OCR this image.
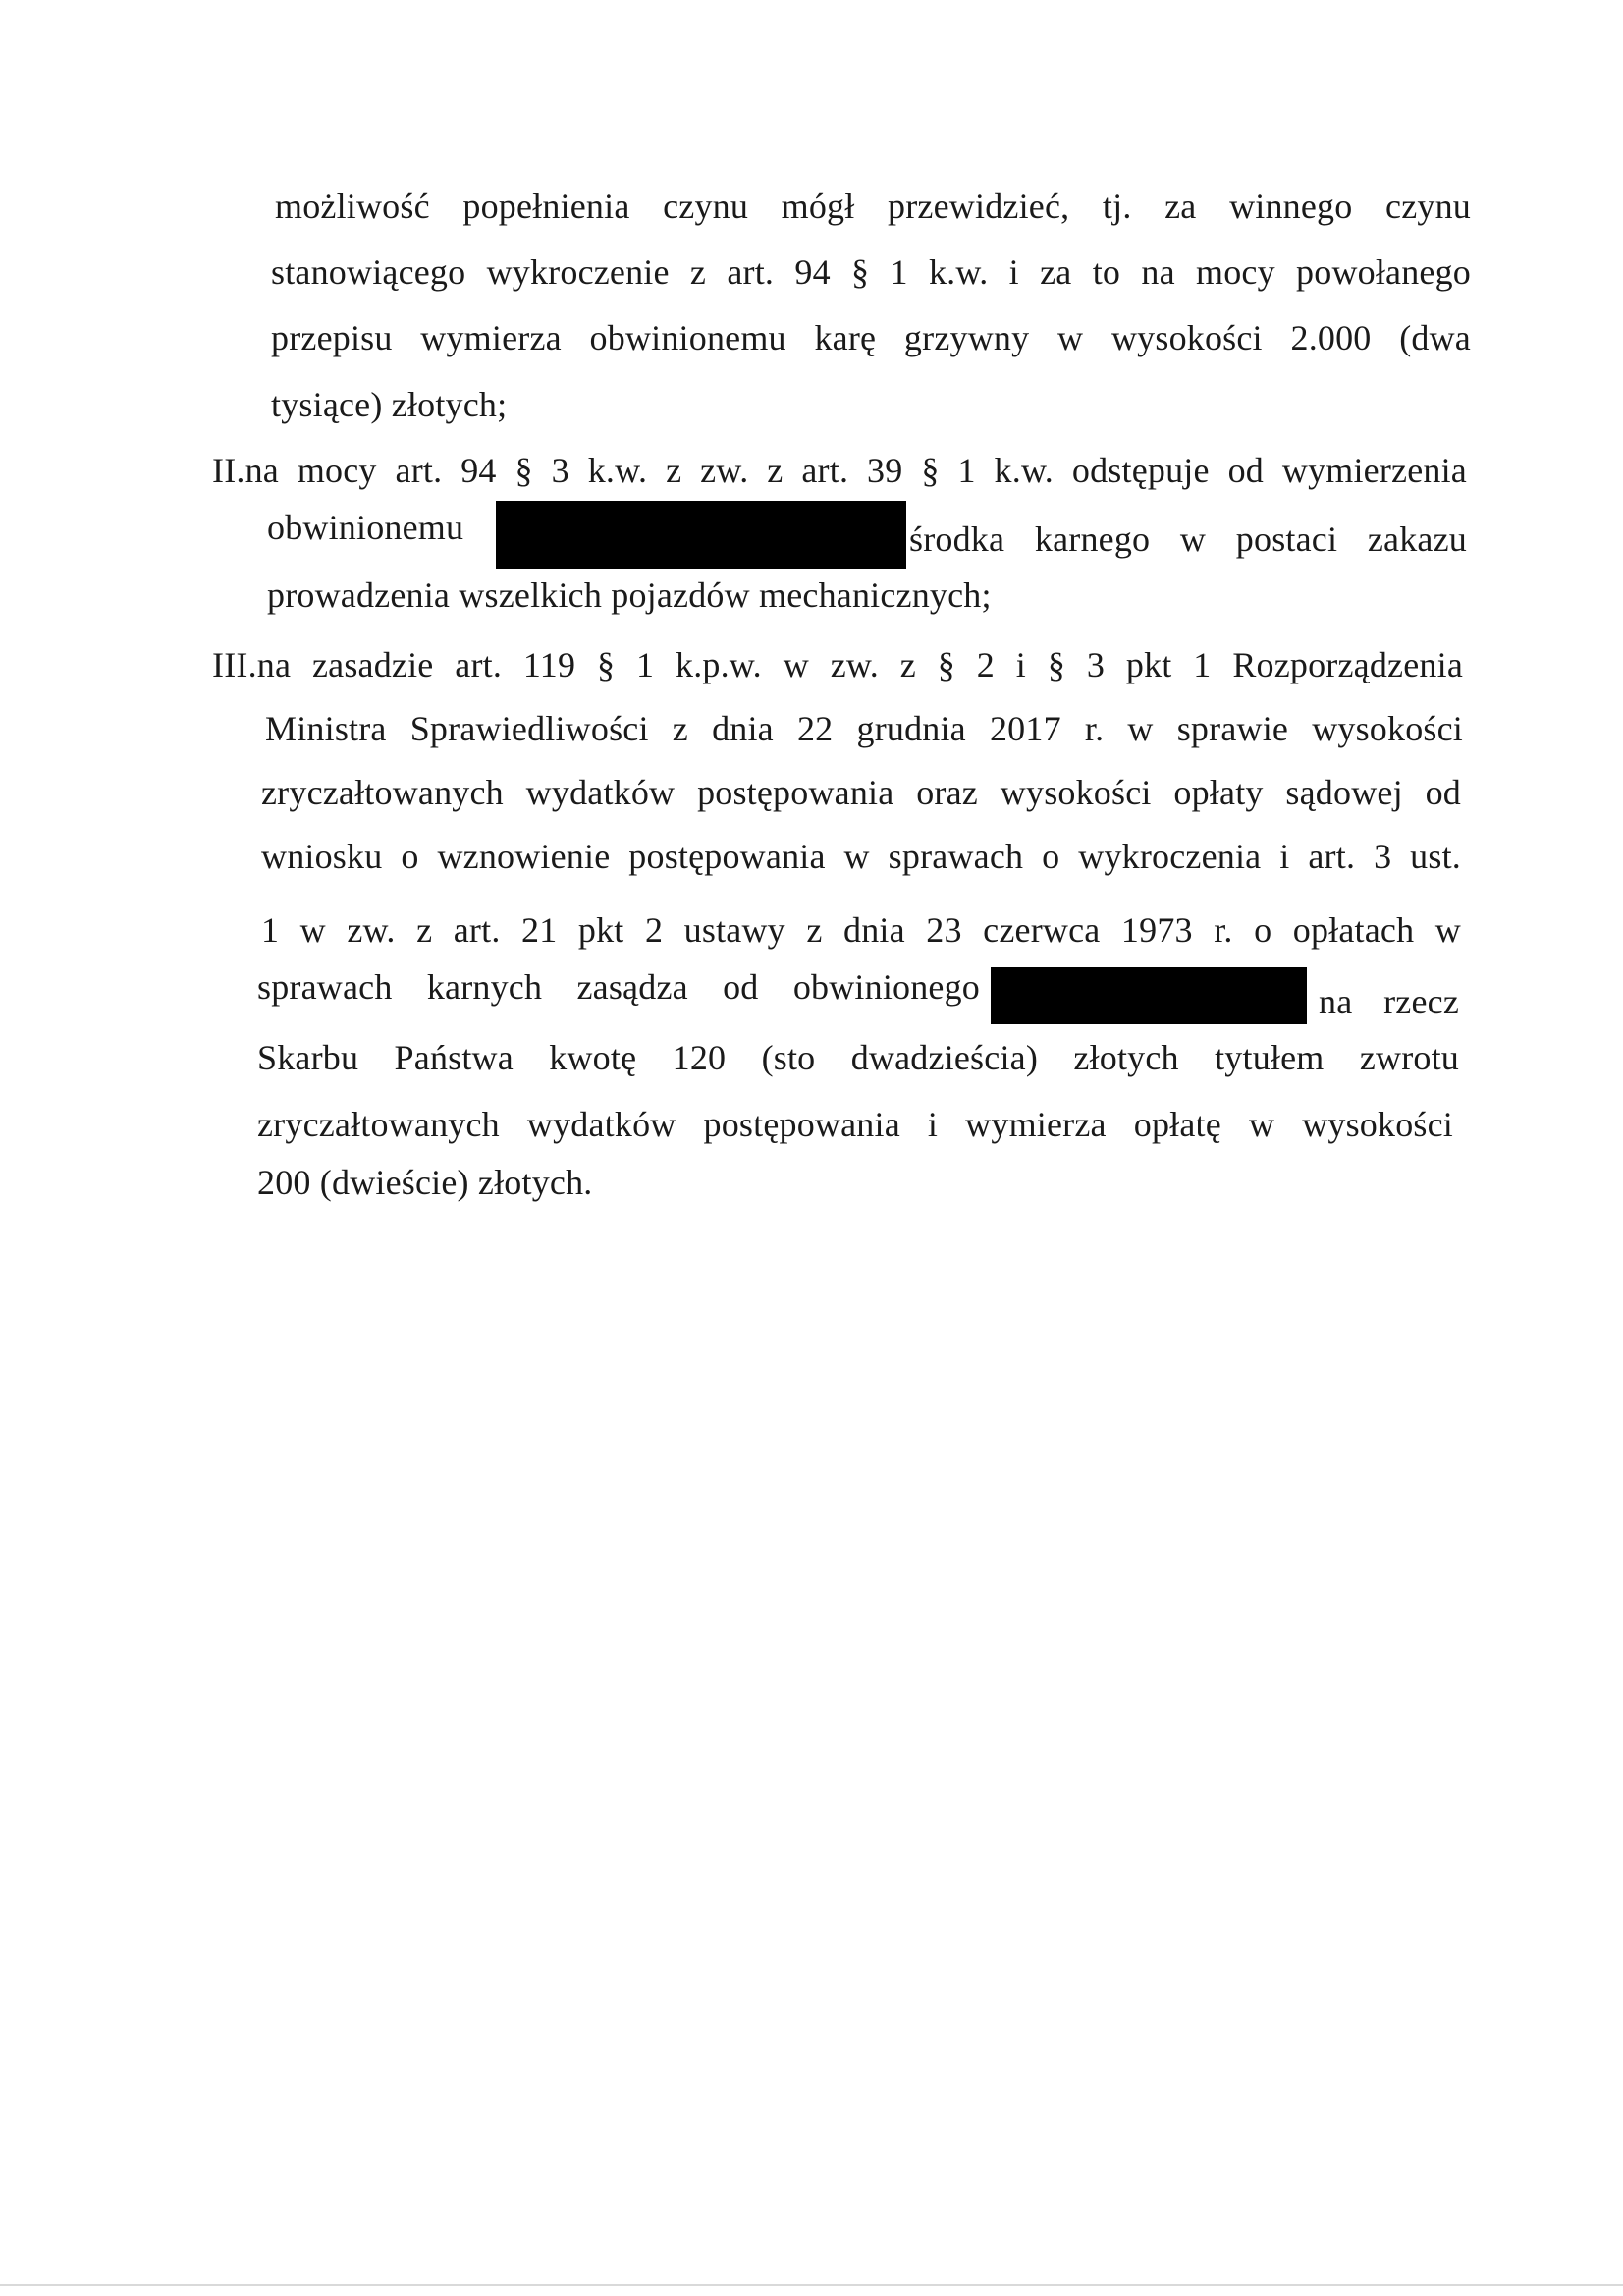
możliwość popełnienia czynu mógł przewidzieć, tj. za winnego czynu
stanowiącego wykroczenie z art. 94 § 1 k.w. i za to na mocy powołanego
przepisu wymierza obwinionemu karę grzywny w wysokości 2.000 (dwa
tysiące) złotych;
II.na mocy art. 94 § 3 k.w. z zw. z art. 39 § 1 k.w. odstępuje od wymierzenia
obwinionemu	środka karnego w postaci zakazu
prowadzenia wszelkich pojazdów mechanicznych;
III.na zasadzie art. 119 § 1 k.p.w. w zw. z § 2 i § 3 pkt 1 Rozporządzenia
Ministra Sprawiedliwości z dnia 22 grudnia 2017 r. w sprawie wysokości
zryczałtowanych wydatków postępowania oraz wysokości opłaty sądowej od
wniosku o wznowienie postępowania w sprawach o wykroczenia i art. 3 ust.
1 w zw. z art. 21 pkt 2 ustawy z dnia 23 czerwca 1973 r. o opłatach w
sprawach karnych zasądza od obwinionego	na rzecz
Skarbu Państwa kwotę 120 (sto dwadzieścia) złotych tytułem zwrotu
zryczałtowanych wydatków postępowania i wymierza opłatę w wysokości
200 (dwieście) złotych.
